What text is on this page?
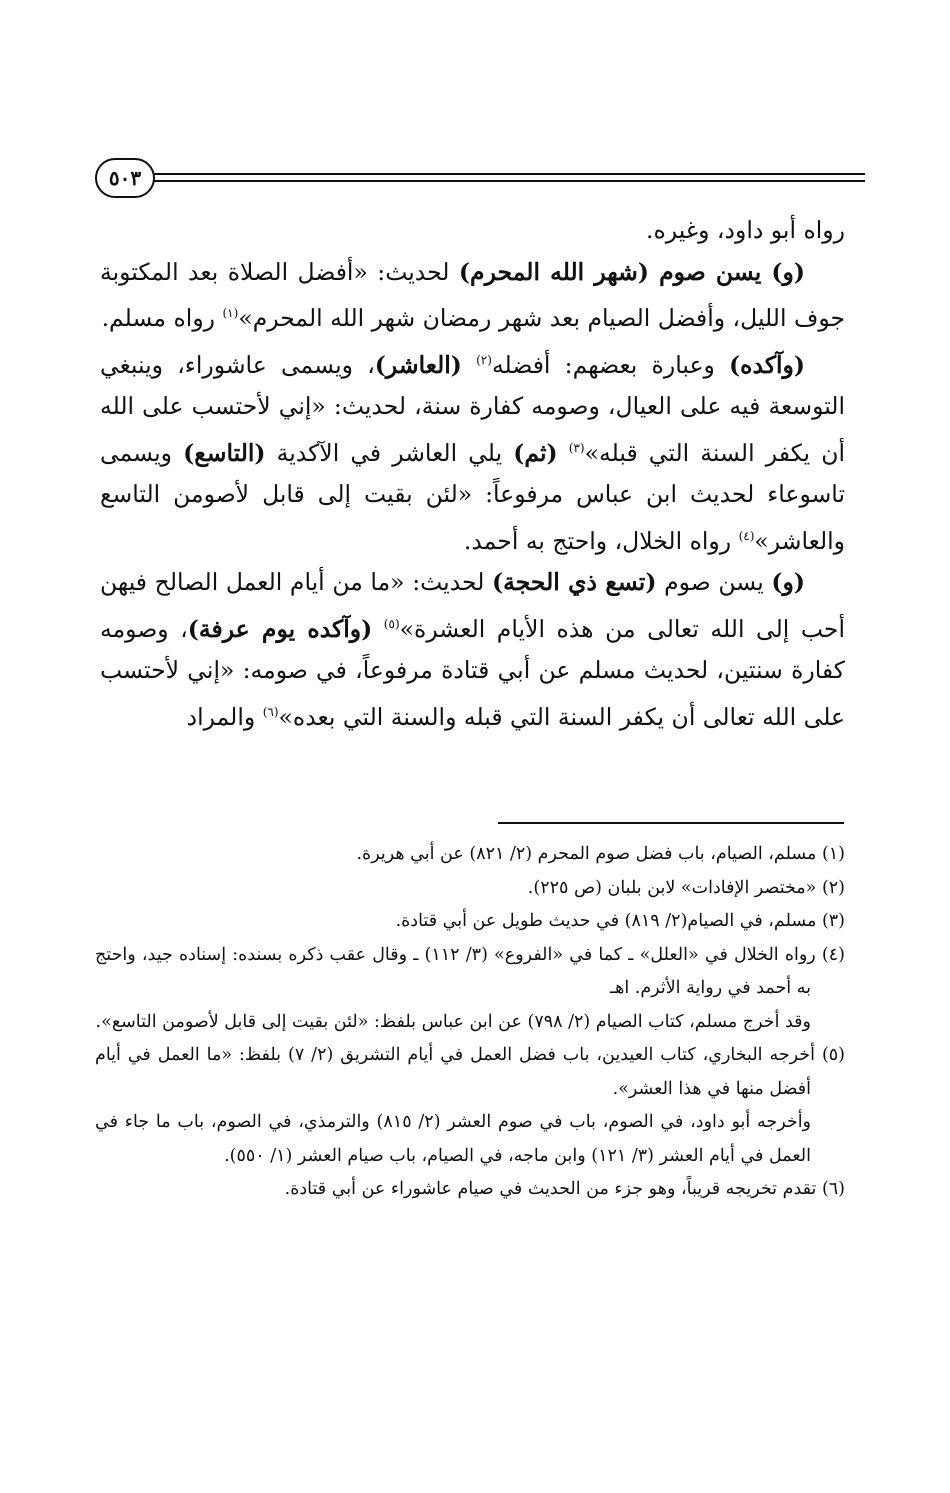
٥٠٣

رواه أبو داود، وغيره.

(و) يسن صوم (شهر الله المحرم) لحديث: «أفضل الصلاة بعد المكتوبة جوف الليل، وأفضل الصيام بعد شهر رمضان شهر الله المحرم»$^{(١)}$ رواه مسلم.

(وآكده) وعبارة بعضهم: أفضله$^{(٢)}$ (العاشر)، ويسمى عاشوراء، وينبغي التوسعة فيه على العيال، وصومه كفارة سنة، لحديث: «إني لأحتسب على الله أن يكفر السنة التي قبله»$^{(٣)}$ (ثم) يلي العاشر في الآكدية (التاسع) ويسمى تاسوعاء لحديث ابن عباس مرفوعاً: «لئن بقيت إلى قابل لأصومن التاسع والعاشر»$^{(٤)}$ رواه الخلال، واحتج به أحمد.

(و) يسن صوم (تسع ذي الحجة) لحديث: «ما من أيام العمل الصالح فيهن أحب إلى الله تعالى من هذه الأيام العشرة»$^{(٥)}$ (وآكده يوم عرفة)، وصومه كفارة سنتين، لحديث مسلم عن أبي قتادة مرفوعاً، في صومه: «إني لأحتسب على الله تعالى أن يكفر السنة التي قبله والسنة التي بعده»$^{(٦)}$ والمراد

(١) مسلم، الصيام، باب فضل صوم المحرم (٢/ ٨٢١) عن أبي هريرة.

(٢) «مختصر الإفادات» لابن بلبان (ص ٢٢٥).

(٣) مسلم، في الصيام(٢/ ٨١٩) في حديث طويل عن أبي قتادة.

(٤) رواه الخلال في «العلل» ـ كما في «الفروع» (٣/ ١١٢) ـ وقال عقب ذكره بسنده: إسناده جيد، واحتج به أحمد في رواية الأثرم. اهـ

وقد أخرج مسلم، كتاب الصيام (٢/ ٧٩٨) عن ابن عباس بلفظ: «لئن بقيت إلى قابل لأصومن التاسع».

(٥) أخرجه البخاري، كتاب العيدين، باب فضل العمل في أيام التشريق (٢/ ٧) بلفظ: «ما العمل في أيام أفضل منها في هذا العشر».

وأخرجه أبو داود، في الصوم، باب في صوم العشر (٢/ ٨١٥) والترمذي، في الصوم، باب ما جاء في العمل في أيام العشر (٣/ ١٢١) وابن ماجه، في الصيام، باب صيام العشر (١/ ٥٥٠).

(٦) تقدم تخريجه قريباً، وهو جزء من الحديث في صيام عاشوراء عن أبي قتادة.
